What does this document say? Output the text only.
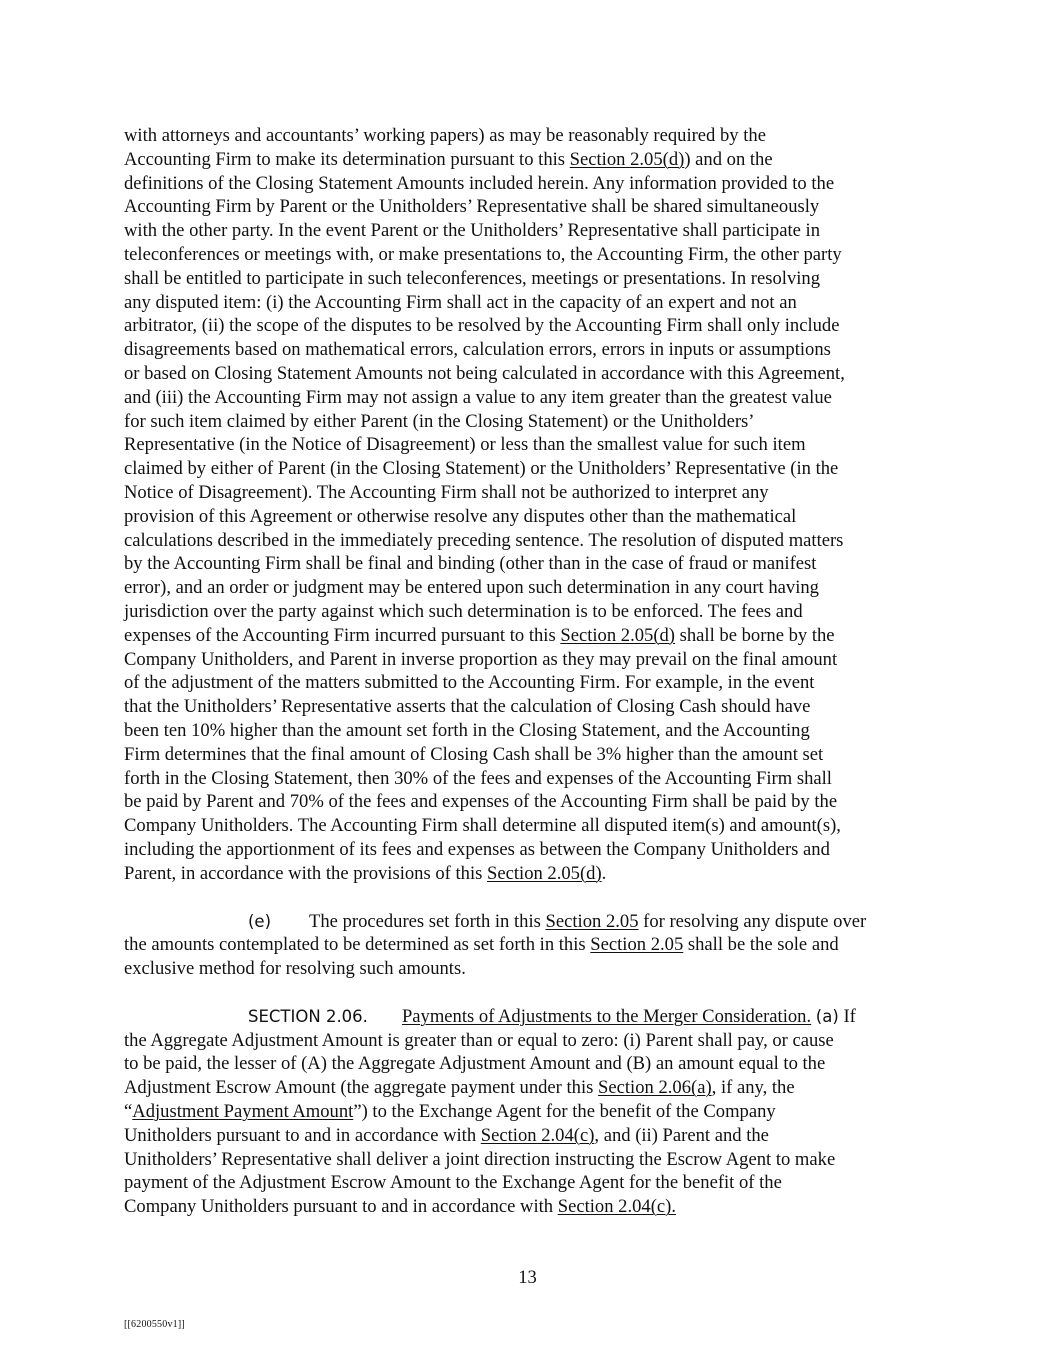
with attorneys and accountants’ working papers) as may be reasonably required by the
Accounting Firm to make its determination pursuant to this Section 2.05(d)) and on the
definitions of the Closing Statement Amounts included herein. Any information provided to the
Accounting Firm by Parent or the Unitholders’ Representative shall be shared simultaneously
with the other party. In the event Parent or the Unitholders’ Representative shall participate in
teleconferences or meetings with, or make presentations to, the Accounting Firm, the other party
shall be entitled to participate in such teleconferences, meetings or presentations. In resolving
any disputed item: (i) the Accounting Firm shall act in the capacity of an expert and not an
arbitrator, (ii) the scope of the disputes to be resolved by the Accounting Firm shall only include
disagreements based on mathematical errors, calculation errors, errors in inputs or assumptions
or based on Closing Statement Amounts not being calculated in accordance with this Agreement,
and (iii) the Accounting Firm may not assign a value to any item greater than the greatest value
for such item claimed by either Parent (in the Closing Statement) or the Unitholders’
Representative (in the Notice of Disagreement) or less than the smallest value for such item
claimed by either of Parent (in the Closing Statement) or the Unitholders’ Representative (in the
Notice of Disagreement). The Accounting Firm shall not be authorized to interpret any
provision of this Agreement or otherwise resolve any disputes other than the mathematical
calculations described in the immediately preceding sentence. The resolution of disputed matters
by the Accounting Firm shall be final and binding (other than in the case of fraud or manifest
error), and an order or judgment may be entered upon such determination in any court having
jurisdiction over the party against which such determination is to be enforced. The fees and
expenses of the Accounting Firm incurred pursuant to this Section 2.05(d) shall be borne by the
Company Unitholders, and Parent in inverse proportion as they may prevail on the final amount
of the adjustment of the matters submitted to the Accounting Firm. For example, in the event
that the Unitholders’ Representative asserts that the calculation of Closing Cash should have
been ten 10% higher than the amount set forth in the Closing Statement, and the Accounting
Firm determines that the final amount of Closing Cash shall be 3% higher than the amount set
forth in the Closing Statement, then 30% of the fees and expenses of the Accounting Firm shall
be paid by Parent and 70% of the fees and expenses of the Accounting Firm shall be paid by the
Company Unitholders. The Accounting Firm shall determine all disputed item(s) and amount(s),
including the apportionment of its fees and expenses as between the Company Unitholders and
Parent, in accordance with the provisions of this Section 2.05(d).

(e) The procedures set forth in this Section 2.05 for resolving any dispute over
the amounts contemplated to be determined as set forth in this Section 2.05 shall be the sole and
exclusive method for resolving such amounts.

SECTION 2.06. Payments of Adjustments to the Merger Consideration. (a) If
the Aggregate Adjustment Amount is greater than or equal to zero: (i) Parent shall pay, or cause
to be paid, the lesser of (A) the Aggregate Adjustment Amount and (B) an amount equal to the
Adjustment Escrow Amount (the aggregate payment under this Section 2.06(a), if any, the
“Adjustment Payment Amount”) to the Exchange Agent for the benefit of the Company
Unitholders pursuant to and in accordance with Section 2.04(c), and (ii) Parent and the
Unitholders’ Representative shall deliver a joint direction instructing the Escrow Agent to make
payment of the Adjustment Escrow Amount to the Exchange Agent for the benefit of the
Company Unitholders pursuant to and in accordance with Section 2.04(c).

13
[[6200550v1]]
